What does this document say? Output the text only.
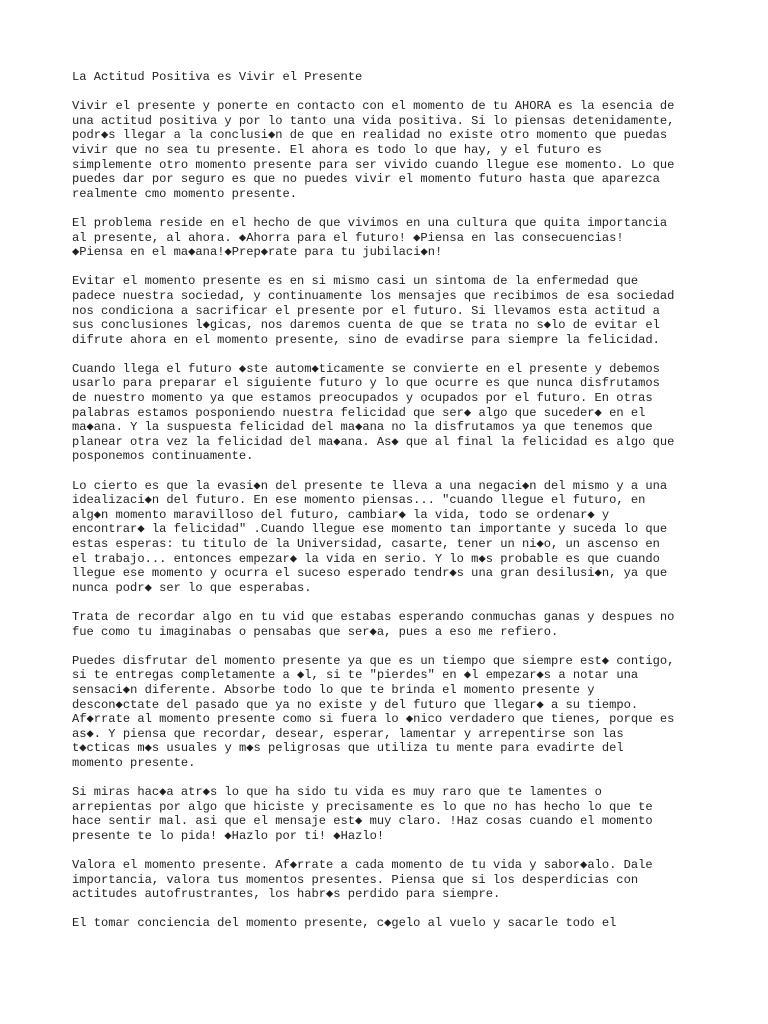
La Actitud Positiva es Vivir el Presente
Vivir el presente y ponerte en contacto con el momento de tu AHORA es la esencia de
una actitud positiva y por lo tanto una vida positiva. Si lo piensas detenidamente,
podr◆s llegar a la conclusi◆n de que en realidad no existe otro momento que puedas
vivir que no sea tu presente. El ahora es todo lo que hay, y el futuro es
simplemente otro momento presente para ser vivido cuando llegue ese momento. Lo que
puedes dar por seguro es que no puedes vivir el momento futuro hasta que aparezca
realmente cmo momento presente.
El problema reside en el hecho de que vivimos en una cultura que quita importancia
al presente, al ahora. ◆Ahorra para el futuro! ◆Piensa en las consecuencias!
◆Piensa en el ma◆ana!◆Prep◆rate para tu jubilaci◆n!
Evitar el momento presente es en si mismo casi un sintoma de la enfermedad que
padece nuestra sociedad, y continuamente los mensajes que recibimos de esa sociedad
nos condiciona a sacrificar el presente por el futuro. Si llevamos esta actitud a
sus conclusiones l◆gicas, nos daremos cuenta de que se trata no s◆lo de evitar el
difrute ahora en el momento presente, sino de evadirse para siempre la felicidad.
Cuando llega el futuro ◆ste autom◆ticamente se convierte en el presente y debemos
usarlo para preparar el siguiente futuro y lo que ocurre es que nunca disfrutamos
de nuestro momento ya que estamos preocupados y ocupados por el futuro. En otras
palabras estamos posponiendo nuestra felicidad que ser◆ algo que suceder◆ en el
ma◆ana. Y la suspuesta felicidad del ma◆ana no la disfrutamos ya que tenemos que
planear otra vez la felicidad del ma◆ana. As◆ que al final la felicidad es algo que
posponemos continuamente.
Lo cierto es que la evasi◆n del presente te lleva a una negaci◆n del mismo y a una
idealizaci◆n del futuro. En ese momento piensas... "cuando llegue el futuro, en
alg◆n momento maravilloso del futuro, cambiar◆ la vida, todo se ordenar◆ y
encontrar◆ la felicidad" .Cuando llegue ese momento tan importante y suceda lo que
estas esperas: tu titulo de la Universidad, casarte, tener un ni◆o, un ascenso en
el trabajo... entonces empezar◆ la vida en serio. Y lo m◆s probable es que cuando
llegue ese momento y ocurra el suceso esperado tendr◆s una gran desilusi◆n, ya que
nunca podr◆ ser lo que esperabas.
Trata de recordar algo en tu vid que estabas esperando conmuchas ganas y despues no
fue como tu imaginabas o pensabas que ser◆a, pues a eso me refiero.
Puedes disfrutar del momento presente ya que es un tiempo que siempre est◆ contigo,
si te entregas completamente a ◆l, si te "pierdes" en ◆l empezar◆s a notar una
sensaci◆n diferente. Absorbe todo lo que te brinda el momento presente y
descon◆ctate del pasado que ya no existe y del futuro que llegar◆ a su tiempo.
Af◆rrate al momento presente como si fuera lo ◆nico verdadero que tienes, porque es
as◆. Y piensa que recordar, desear, esperar, lamentar y arrepentirse son las
t◆cticas m◆s usuales y m◆s peligrosas que utiliza tu mente para evadirte del
momento presente.
Si miras hac◆a atr◆s lo que ha sido tu vida es muy raro que te lamentes o
arrepientas por algo que hiciste y precisamente es lo que no has hecho lo que te
hace sentir mal. asi que el mensaje est◆ muy claro. !Haz cosas cuando el momento
presente te lo pida! ◆Hazlo por ti! ◆Hazlo!
Valora el momento presente. Af◆rrate a cada momento de tu vida y sabor◆alo. Dale
importancia, valora tus momentos presentes. Piensa que si los desperdicias con
actitudes autofrustrantes, los habr◆s perdido para siempre.
El tomar conciencia del momento presente, c◆gelo al vuelo y sacarle todo el
